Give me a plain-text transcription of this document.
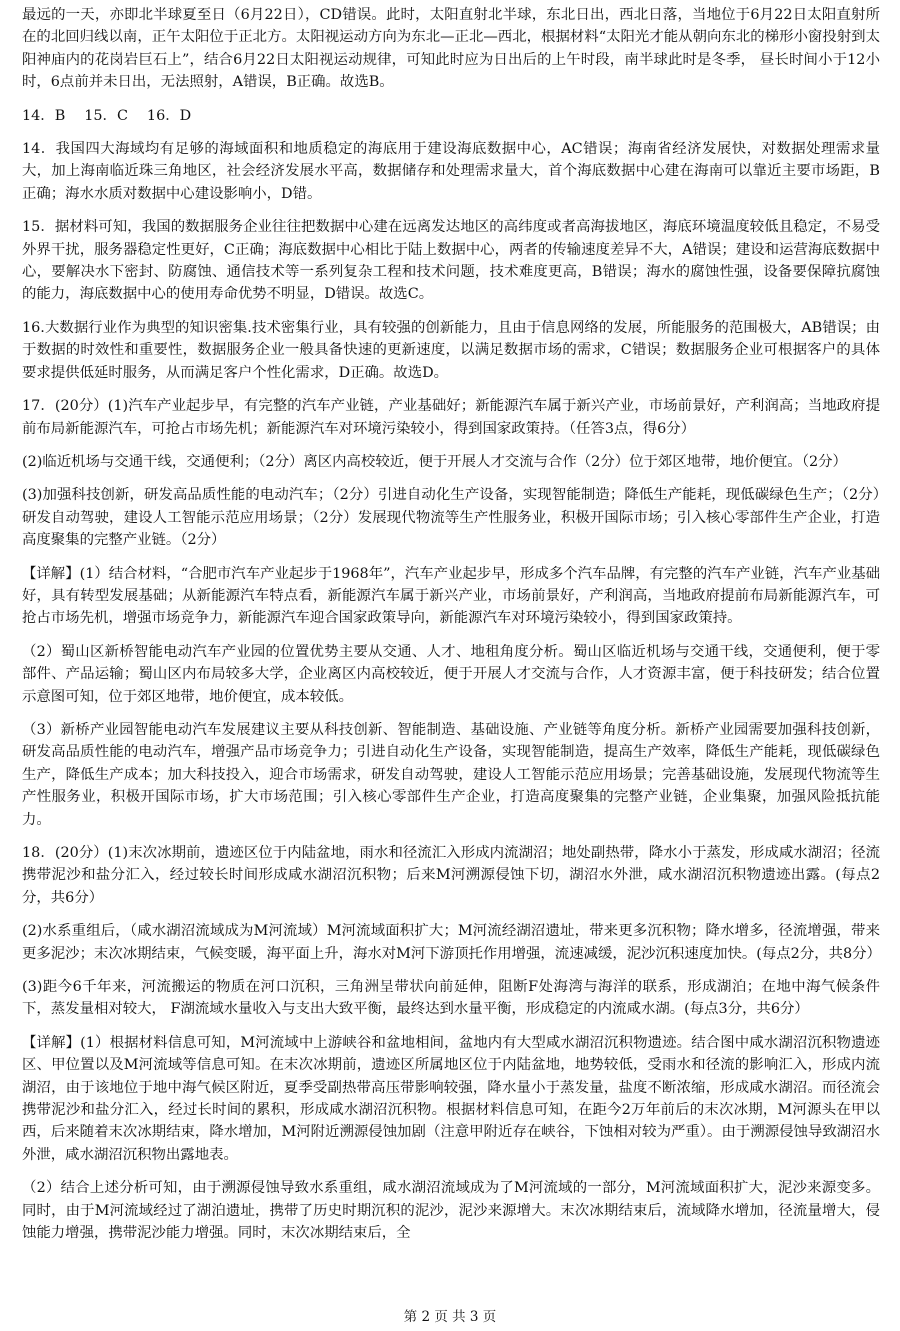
最远的一天，亦即北半球夏至日（6月22日），CD错误。此时，太阳直射北半球，东北日出，西北日落，当地位于6月22日太阳直射所在的北回归线以南，正午太阳位于正北方。太阳视运动方向为东北—正北—西北，根据材料“太阳光才能从朝向东北的梯形小窗投射到太阳神庙内的花岗岩巨石上”，结合6月22日太阳视运动规律，可知此时应为日出后的上午时段，南半球此时是冬季， 昼长时间小于12小时，6点前并未日出，无法照射，A错误，B正确。故选B。

14．B　 15．C　 16．D

14．我国四大海域均有足够的海域面积和地质稳定的海底用于建设海底数据中心，AC错误；海南省经济发展快，对数据处理需求量大，加上海南临近珠三角地区，社会经济发展水平高，数据储存和处理需求量大，首个海底数据中心建在海南可以靠近主要市场距，B正确；海水水质对数据中心建设影响小，D错。

15．据材料可知，我国的数据服务企业往往把数据中心建在远离发达地区的高纬度或者高海拔地区，海底环境温度较低且稳定，不易受外界干扰，服务器稳定性更好，C正确；海底数据中心相比于陆上数据中心，两者的传输速度差异不大，A错误；建设和运营海底数据中心，要解决水下密封、防腐蚀、通信技术等一系列复杂工程和技术问题，技术难度更高，B错误；海水的腐蚀性强，设备要保障抗腐蚀的能力，海底数据中心的使用寿命优势不明显，D错误。故选C。

16.大数据行业作为典型的知识密集.技术密集行业，具有较强的创新能力，且由于信息网络的发展，所能服务的范围极大，AB错误；由于数据的时效性和重要性，数据服务企业一般具备快速的更新速度，以满足数据市场的需求，C错误；数据服务企业可根据客户的具体要求提供低延时服务，从而满足客户个性化需求，D正确。故选D。

17．(20分）(1)汽车产业起步早，有完整的汽车产业链，产业基础好；新能源汽车属于新兴产业，市场前景好，产利润高；当地政府提前布局新能源汽车，可抢占市场先机；新能源汽车对环境污染较小，得到国家政策持。（任答3点，得6分）

(2)临近机场与交通干线，交通便利；（2分）离区内高校较近，便于开展人才交流与合作（2分）位于郊区地带，地价便宜。（2分）

(3)加强科技创新，研发高品质性能的电动汽车；（2分）引进自动化生产设备，实现智能制造；降低生产能耗，现低碳绿色生产；（2分）研发自动驾驶，建设人工智能示范应用场景；（2分）发展现代物流等生产性服务业，积极开国际市场；引入核心零部件生产企业，打造高度聚集的完整产业链。（2分）

【详解】(1）结合材料，“合肥市汽车产业起步于1968年”，汽车产业起步早，形成多个汽车品牌，有完整的汽车产业链，汽车产业基础好，具有转型发展基础；从新能源汽车特点看，新能源汽车属于新兴产业，市场前景好，产利润高，当地政府提前布局新能源汽车，可抢占市场先机，增强市场竞争力，新能源汽车迎合国家政策导向，新能源汽车对环境污染较小，得到国家政策持。

（2）蜀山区新桥智能电动汽车产业园的位置优势主要从交通、人才、地租角度分析。蜀山区临近机场与交通干线，交通便利，便于零部件、产品运输；蜀山区内布局较多大学，企业离区内高校较近，便于开展人才交流与合作，人才资源丰富，便于科技研发；结合位置示意图可知，位于郊区地带，地价便宜，成本较低。

（3）新桥产业园智能电动汽车发展建议主要从科技创新、智能制造、基础设施、产业链等角度分析。新桥产业园需要加强科技创新，研发高品质性能的电动汽车，增强产品市场竞争力；引进自动化生产设备，实现智能制造，提高生产效率，降低生产能耗，现低碳绿色生产，降低生产成本；加大科技投入，迎合市场需求，研发自动驾驶，建设人工智能示范应用场景；完善基础设施，发展现代物流等生产性服务业，积极开国际市场，扩大市场范围；引入核心零部件生产企业，打造高度聚集的完整产业链，企业集聚，加强风险抵抗能力。

18．(20分）(1)末次冰期前，遗迹区位于内陆盆地，雨水和径流汇入形成内流湖沼；地处副热带，降水小于蒸发，形成咸水湖沼；径流携带泥沙和盐分汇入，经过较长时间形成咸水湖沼沉积物；后来M河溯源侵蚀下切，湖沼水外泄，咸水湖沼沉积物遗迹出露。(每点2分，共6分）

(2)水系重组后，（咸水湖沼流域成为M河流域）M河流域面积扩大；M河流经湖沼遗址，带来更多沉积物；降水增多，径流增强，带来更多泥沙；末次冰期结束，气候变暖，海平面上升，海水对M河下游顶托作用增强，流速减缓，泥沙沉积速度加快。(每点2分，共8分）

(3)距今6千年来，河流搬运的物质在河口沉积，三角洲呈带状向前延伸，阻断F处海湾与海洋的联系，形成湖泊；在地中海气候条件下，蒸发量相对较大， F湖流域水量收入与支出大致平衡，最终达到水量平衡，形成稳定的内流咸水湖。(每点3分，共6分）

【详解】(1）根据材料信息可知，M河流域中上游峡谷和盆地相间，盆地内有大型咸水湖沼沉积物遗迹。结合图中咸水湖沼沉积物遗迹区、甲位置以及M河流域等信息可知。在末次冰期前，遗迹区所属地区位于内陆盆地，地势较低，受雨水和径流的影响汇入，形成内流湖沼，由于该地位于地中海气候区附近，夏季受副热带高压带影响较强，降水量小于蒸发量，盐度不断浓缩，形成咸水湖沼。而径流会携带泥沙和盐分汇入，经过长时间的累积，形成咸水湖沼沉积物。根据材料信息可知，在距今2万年前后的末次冰期，M河源头在甲以西，后来随着末次冰期结束，降水增加，M河附近溯源侵蚀加剧（注意甲附近存在峡谷，下蚀相对较为严重）。由于溯源侵蚀导致湖沼水外泄，咸水湖沼沉积物出露地表。

（2）结合上述分析可知，由于溯源侵蚀导致水系重组，咸水湖沼流域成为了M河流域的一部分，M河流域面积扩大，泥沙来源变多。同时，由于M河流域经过了湖泊遗址，携带了历史时期沉积的泥沙，泥沙来源增大。末次冰期结束后，流域降水增加，径流量增大，侵蚀能力增强，携带泥沙能力增强。同时，末次冰期结束后，全

第 2 页 共 3 页
